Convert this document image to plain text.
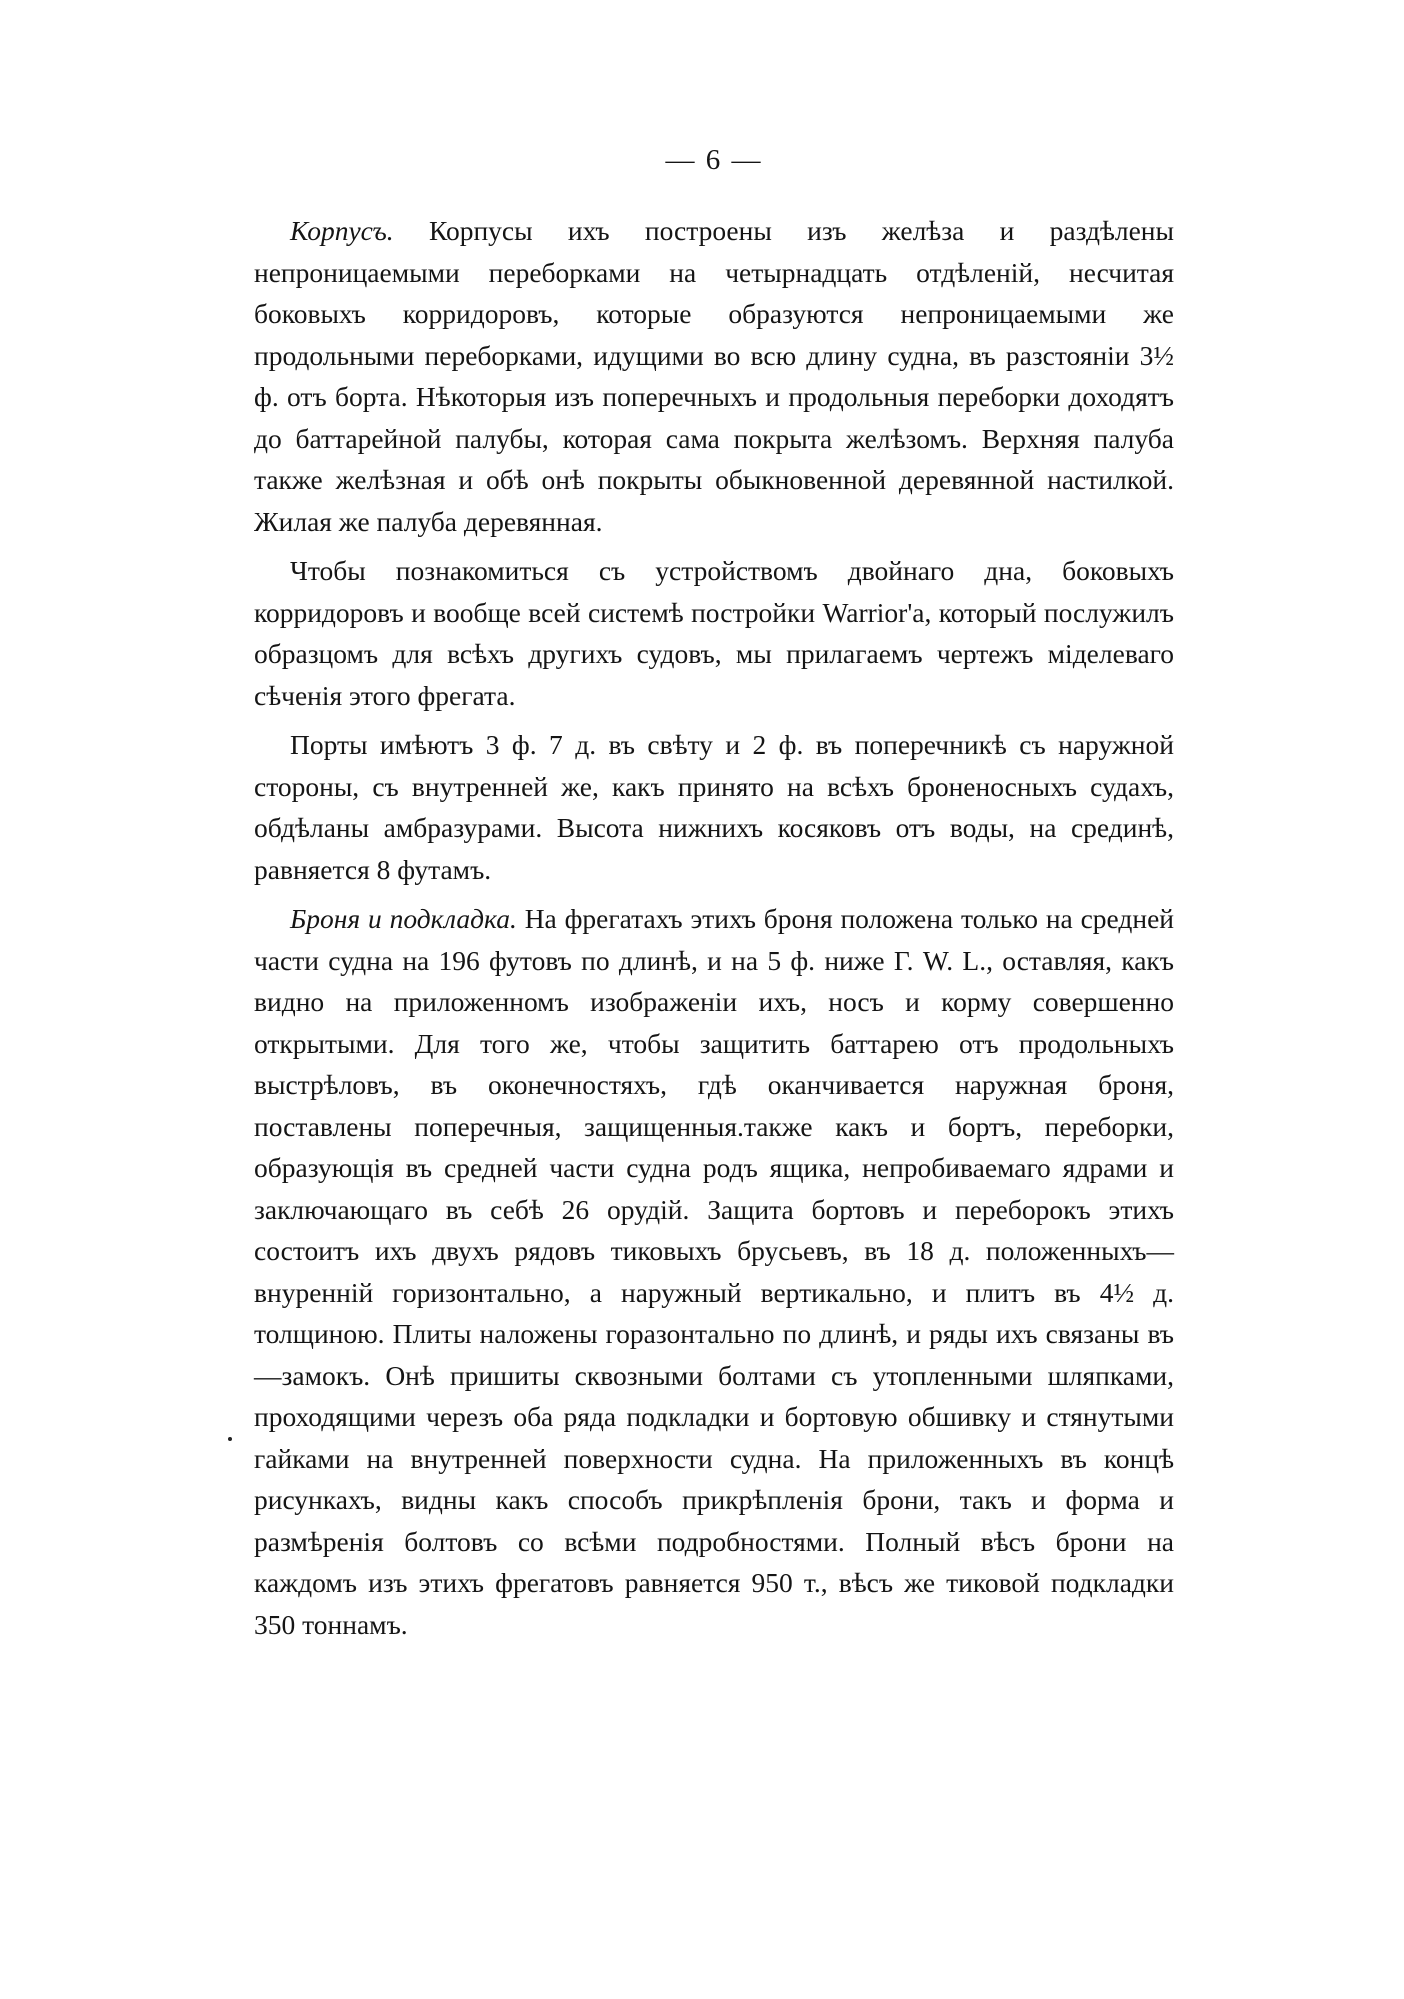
— 6 —

Корпусъ. Корпусы ихъ построены изъ желѣза и раздѣлены непроницаемыми переборками на четырнадцать отдѣленій, несчитая боковыхъ корридоровъ, которые образуются непроницаемыми же продольными переборками, идущими во всю длину судна, въ разстояніи 3½ ф. отъ борта. Нѣкоторыя изъ поперечныхъ и продольныя переборки доходятъ до баттарейной палубы, которая сама покрыта желѣзомъ. Верхняя палуба также желѣзная и обѣ онѣ покрыты обыкновенной деревянной настилкой. Жилая же палуба деревянная.

Чтобы познакомиться съ устройствомъ двойнаго дна, боковыхъ корридоровъ и вообще всей системѣ постройки Warrior'а, который послужилъ образцомъ для всѣхъ другихъ судовъ, мы прилагаемъ чертежъ мiделеваго сѣченія этого фрегата.

Порты имѣютъ 3 ф. 7 д. въ свѣту и 2 ф. въ поперечникѣ съ наружной стороны, съ внутренней же, какъ принято на всѣхъ броненосныхъ судахъ, обдѣланы амбразурами. Высота нижнихъ косяковъ отъ воды, на срединѣ, равняется 8 футамъ.

Броня и подкладка. На фрегатахъ этихъ броня положена только на средней части судна на 196 футовъ по длинѣ, и на 5 ф. ниже Г. W. L., оставляя, какъ видно на приложенномъ изображеніи ихъ, носъ и корму совершенно открытыми. Для того же, чтобы защитить баттарею отъ продольныхъ выстрѣловъ, въ оконечностяхъ, гдѣ оканчивается наружная броня, поставлены поперечныя, защищенныя.также какъ и бортъ, переборки, образующія въ средней части судна родъ ящика, непробиваемаго ядрами и заключающаго въ себѣ 26 орудій. Защита бортовъ и переборокъ этихъ состоитъ ихъ двухъ рядовъ тиковыхъ брусьевъ, въ 18 д. положенныхъ—внуренній горизонтально, а наружный вертикально, и плитъ въ 4½ д. толщиною. Плиты наложены горазонтально по длинѣ, и ряды ихъ связаны въ—замокъ. Онѣ пришиты сквозными болтами съ утопленными шляпками, проходящими черезъ оба ряда подкладки и бортовую обшивку и стянутыми гайками на внутренней поверхности судна. На приложенныхъ въ концѣ рисункахъ, видны какъ способъ прикрѣпленія брони, такъ и форма и размѣренія болтовъ со всѣми подробностями. Полный вѣсъ брони на каждомъ изъ этихъ фрегатовъ равняется 950 т., вѣсъ же тиковой подкладки 350 тоннамъ.
